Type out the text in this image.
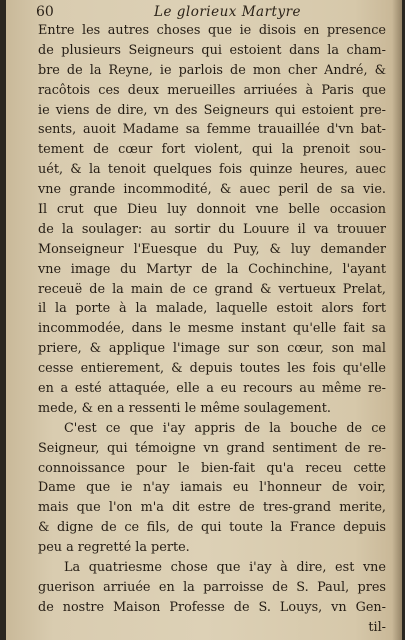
60	Le glorieux Martyre
Entre les autres choses que ie disois en presence
de plusieurs Seigneurs qui estoient dans la cham-
bre de la Reyne, ie parlois de mon cher André, &
racôtois ces deux merueilles arriuées à Paris que
ie viens de dire, vn des Seigneurs qui estoient pre-
sents, auoit Madame sa femme trauaillée d'vn bat-
tement de cœur fort violent, qui la prenoit sou-
uét, & la tenoit quelques fois quinze heures, auec
vne grande incommodité, & auec peril de sa vie.
Il crut que Dieu luy donnoit vne belle occasion
de la soulager: au sortir du Louure il va trouuer
Monseigneur l'Euesque du Puy, & luy demander
vne image du Martyr de la Cochinchine, l'ayant
receuë de la main de ce grand & vertueux Prelat,
il la porte à la malade, laquelle estoit alors fort
incommodée, dans le mesme instant qu'elle fait sa
priere, & applique l'image sur son cœur, son mal
cesse entierement, & depuis toutes les fois qu'elle
en a esté attaquée, elle a eu recours au même re-
mede, & en a ressenti le même soulagement.
C'est ce que i'ay appris de la bouche de ce
Seigneur, qui témoigne vn grand sentiment de re-
connoissance pour le bien-fait qu'a receu cette
Dame que ie n'ay iamais eu l'honneur de voir,
mais que l'on m'a dit estre de tres-grand merite,
& digne de ce fils, de qui toute la France depuis
peu a regretté la perte.
La quatriesme chose que i'ay à dire, est vne
guerison arriuée en la parroisse de S. Paul, pres
de nostre Maison Professe de S. Louys, vn Gen-
til-
